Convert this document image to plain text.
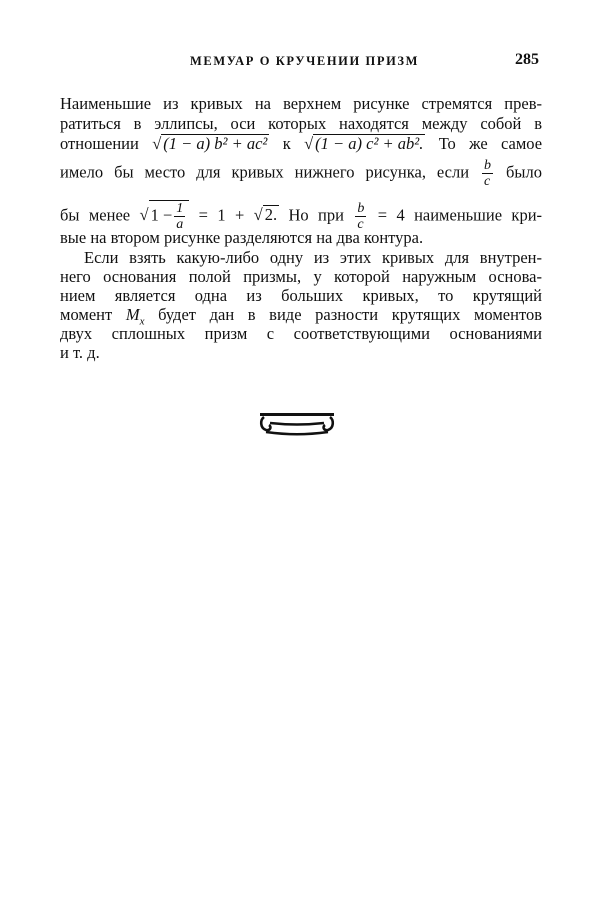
МЕМУАР О КРУЧЕНИИ ПРИЗМ	285
Наименьшие из кривых на верхнем рисунке стремятся прев-
ратиться в эллипсы, оси которых находятся между собой в
отношении √ (1 − a) b² + ac² к √ (1 − a) c² + ab². То же самое
имело бы место для кривых нижнего рисунка, если $\frac{b}{c}$ было
бы менее √ $1 - \frac{1}{a} = 1$ + √ 2. Но при $\frac{b}{c} = 4$ наименьшие кри-
вые на втором рисунке разделяются на два контура.
Если взять какую-либо одну из этих кривых для внутрен-
него основания полой призмы, у которой наружным основа-
нием является одна из больших кривых, то крутящий
момент $M_x$ будет дан в виде разности крутящих моментов
двух сплошных призм с соответствующими основаниями
и т. д.
